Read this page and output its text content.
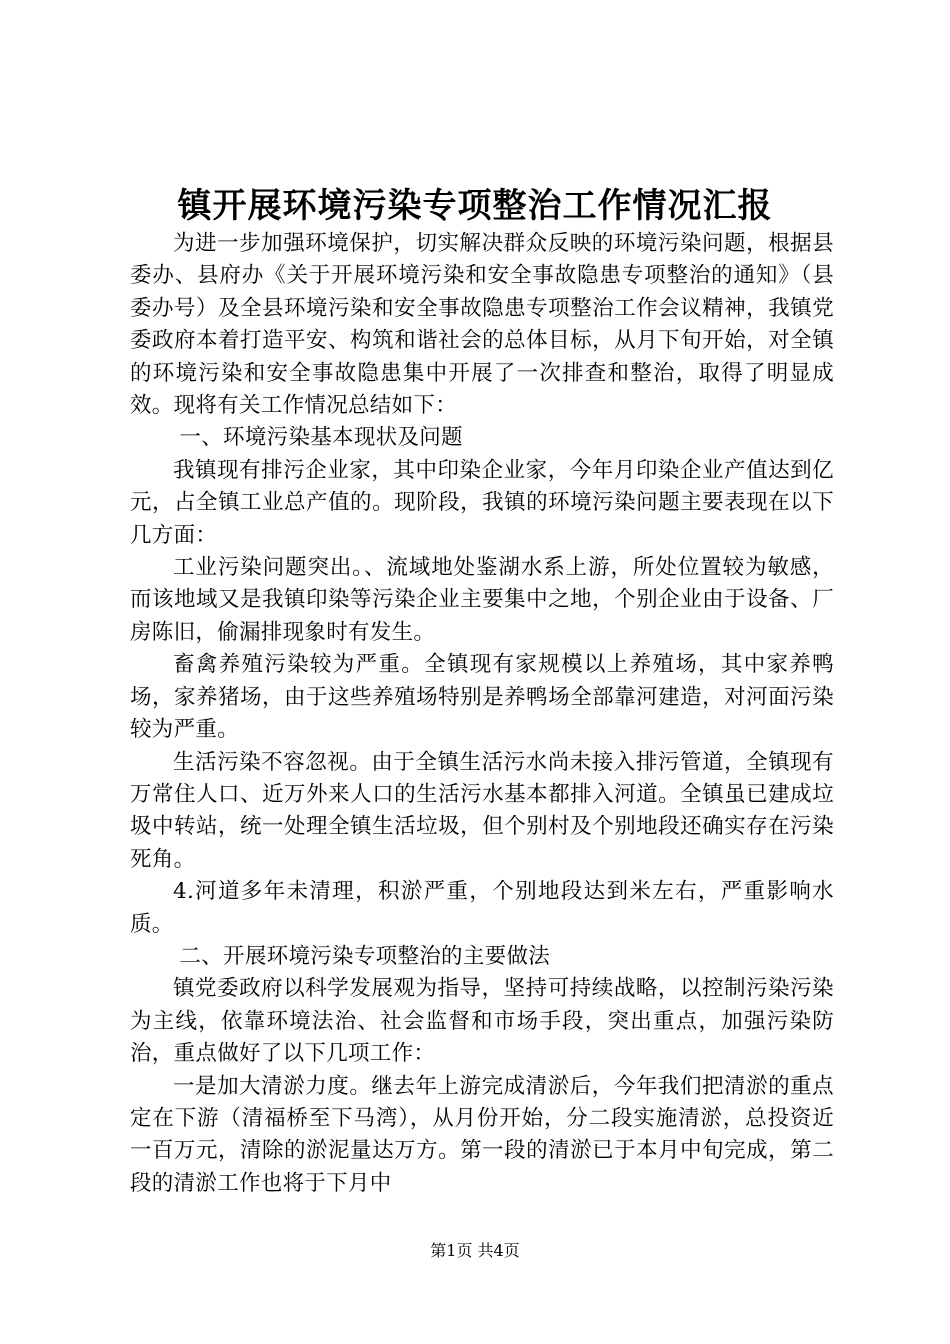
镇开展环境污染专项整治工作情况汇报

为进一步加强环境保护，切实解决群众反映的环境污染问题，根据县委办、县府办《关于开展环境污染和安全事故隐患专项整治的通知》（县委办号）及全县环境污染和安全事故隐患专项整治工作会议精神，我镇党委政府本着打造平安、构筑和谐社会的总体目标，从月下旬开始，对全镇的环境污染和安全事故隐患集中开展了一次排查和整治，取得了明显成效。现将有关工作情况总结如下：

一、环境污染基本现状及问题

我镇现有排污企业家，其中印染企业家，今年月印染企业产值达到亿元，占全镇工业总产值的。现阶段，我镇的环境污染问题主要表现在以下几方面：

工业污染问题突出。、流域地处鉴湖水系上游，所处位置较为敏感，而该地域又是我镇印染等污染企业主要集中之地，个别企业由于设备、厂房陈旧，偷漏排现象时有发生。

畜禽养殖污染较为严重。全镇现有家规模以上养殖场，其中家养鸭场，家养猪场，由于这些养殖场特别是养鸭场全部靠河建造，对河面污染较为严重。

生活污染不容忽视。由于全镇生活污水尚未接入排污管道，全镇现有万常住人口、近万外来人口的生活污水基本都排入河道。全镇虽已建成垃圾中转站，统一处理全镇生活垃圾，但个别村及个别地段还确实存在污染死角。

4.河道多年未清理，积淤严重，个别地段达到米左右，严重影响水质。

二、开展环境污染专项整治的主要做法

镇党委政府以科学发展观为指导，坚持可持续战略，以控制污染污染为主线，依靠环境法治、社会监督和市场手段，突出重点，加强污染防治，重点做好了以下几项工作：

一是加大清淤力度。继去年上游完成清淤后，今年我们把清淤的重点定在下游（清福桥至下马湾），从月份开始，分二段实施清淤，总投资近一百万元，清除的淤泥量达万方。第一段的清淤已于本月中旬完成，第二段的清淤工作也将于下月中

第1页 共4页
